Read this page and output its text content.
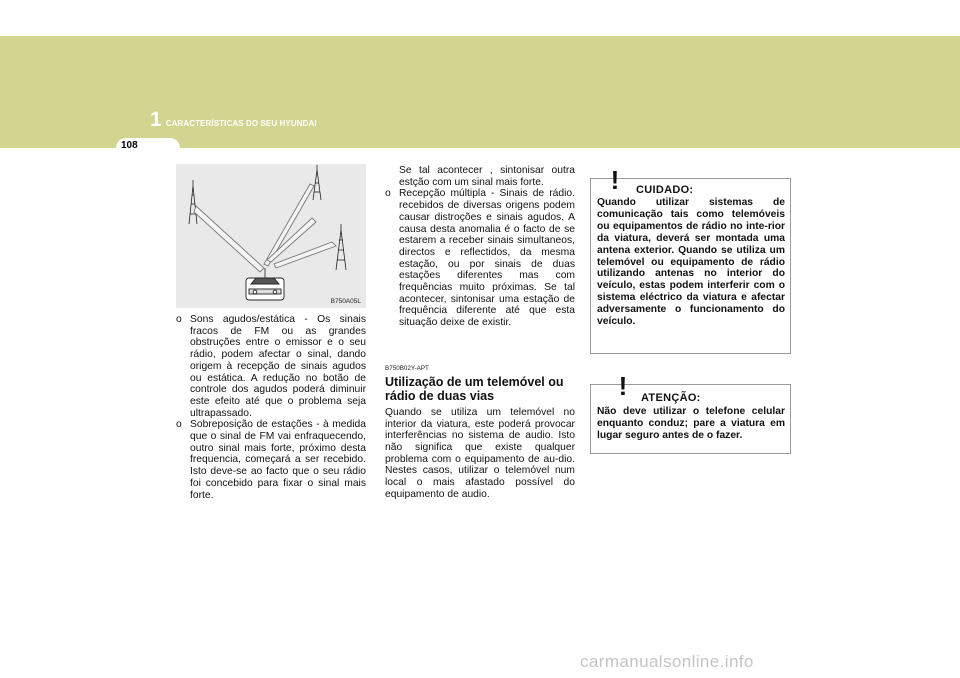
1 CARACTERÍSTICAS DO SEU HYUNDAI
108
B750A05L

o Sons agudos/estática - Os sinais fracos de FM ou as grandes obstruções entre o emissor e o seu rádio, podem afectar o sinal, dando origem à recepção de sinais agudos ou estática. A redução no botão de controle dos agudos poderá diminuir este efeito até que o problema seja ultrapassado.

o Sobreposição de estações - à medida que o sinal de FM vai enfraquecendo, outro sinal mais forte, próximo desta frequencia, começará a ser recebido. Isto deve-se ao facto que o seu rádio foi concebido para fixar o sinal mais forte.

Se tal acontecer , sintonisar outra estção com um sinal mais forte.

o Recepção múltipla - Sinais de rádio. recebidos de diversas origens podem causar distroções e sinais agudos. A causa desta anomalia é o facto de se estarem a receber sinais simultaneos, directos e reflectidos, da mesma estação, ou por sinais de duas estações diferentes mas com frequências muito próximas. Se tal acontecer, sintonisar uma estação de frequência diferente até que esta situação deixe de existir.

B750B02Y-APT
Utilização de um telemóvel ou rádio de duas vias

Quando se utiliza um telemóvel no interior da viatura, este poderá provocar interferências no sistema de audio. Isto não significa que existe qualquer problema com o equipamento de au-dio. Nestes casos, utilizar o telemóvel num local o mais afastado possível do equipamento de audio.

! CUIDADO:
Quando utilizar sistemas de comunicação tais como telemóveis ou equipamentos de rádio no inte-rior da viatura, deverá ser montada uma antena exterior. Quando se utiliza um telemóvel ou equipamento de rádio utilizando antenas no interior do veículo, estas podem interferir com o sistema eléctrico da viatura e afectar adversamente o funcionamento do veículo.
! ATENÇÃO:
Não deve utilizar o telefone celular enquanto conduz; pare a viatura em lugar seguro antes de o fazer.
carmanualsonline.info
